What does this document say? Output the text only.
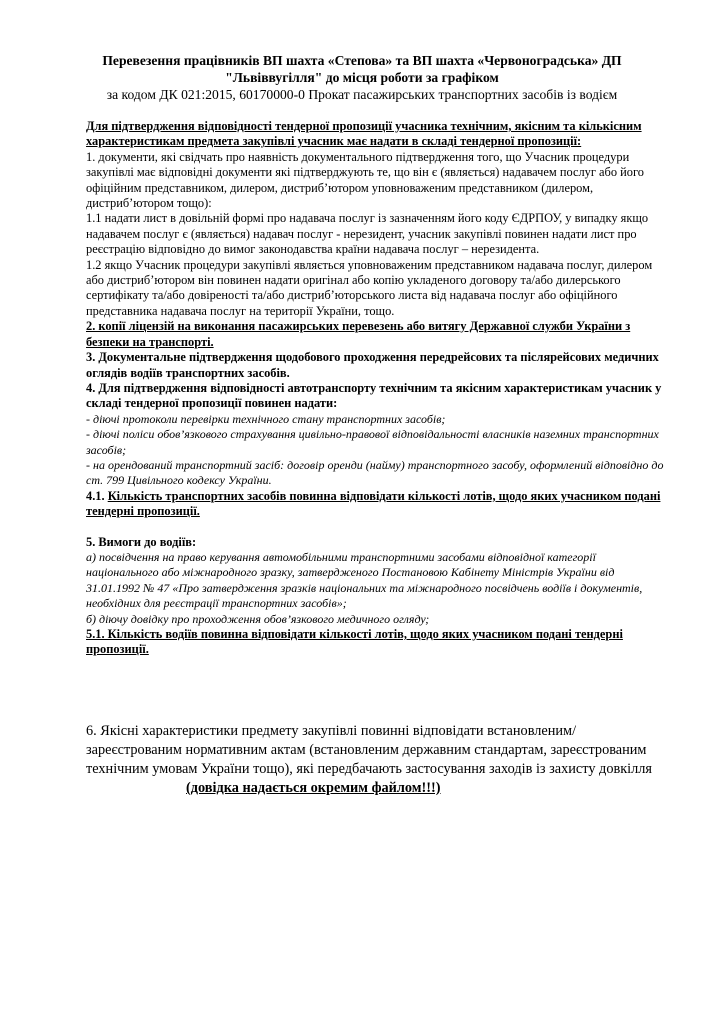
Перевезення працівників ВП шахта «Степова» та ВП шахта «Червоноградська» ДП
"Львіввугілля" до місця роботи за графіком
за кодом ДК 021:2015, 60170000-0 Прокат пасажирських транспортних засобів із водієм

Для підтвердження відповідності тендерної пропозиції учасника технічним, якісним та кількісним характеристикам предмета закупівлі учасник має надати в складі тендерної пропозиції:

1. документи, які свідчать про наявність документального підтвердження того, що Учасник процедури закупівлі має відповідні документи які підтверджують те, що він є (являється) надавачем послуг або його офіційним представником, дилером, дистриб’ютором уповноваженим представником (дилером, дистриб’ютором тощо):

1.1 надати лист в довільній формі про надавача послуг із зазначенням його коду ЄДРПОУ, у випадку якщо надавачем послуг є (являється) надавач послуг - нерезидент, учасник закупівлі повинен надати лист про реєстрацію відповідно до вимог законодавства країни надавача послуг – нерезидента.

1.2 якщо Учасник процедури закупівлі являється уповноваженим представником надавача послуг, дилером або дистриб’ютором він повинен надати оригінал або копію укладеного договору та/або дилерського сертифікату та/або довіреності та/або дистриб’юторського листа від надавача послуг або офіційного представника надавача послуг на території України, тощо.

2. копії ліцензій на виконання пасажирських перевезень або витягу Державної служби України з безпеки на транспорті.

3. Документальне підтвердження щодобового проходження передрейсових та післярейсових медичних оглядів водіїв транспортних засобів.

4. Для підтвердження відповідності автотранспорту технічним та якісним характеристикам учасник у складі тендерної пропозиції повинен надати:

- діючі протоколи перевірки технічного стану транспортних засобів;

- діючі поліси обов’язкового страхування цивільно-правової відповідальності власників наземних транспортних засобів;

- на орендований транспортний засіб: договір оренди (найму) транспортного засобу, оформлений відповідно до ст. 799 Цивільного кодексу України.

4.1. Кількість транспортних засобів повинна відповідати кількості лотів, щодо яких учасником подані тендерні пропозиції.

5. Вимоги до водіїв:

а) посвідчення на право керування автомобільними транспортними засобами відповідної категорії національного або міжнародного зразку, затвердженого Постановою Кабінету Міністрів України від 31.01.1992 № 47 «Про затвердження зразків національних та міжнародного посвідчень водіїв і документів, необхідних для реєстрації транспортних засобів»;

б) діючу довідку про проходження обов’язкового медичного огляду;

5.1. Кількість водіїв повинна відповідати кількості лотів, щодо яких учасником подані тендерні пропозиції.

6. Якісні характеристики предмету закупівлі повинні відповідати встановленим/зареєстрованим нормативним актам (встановленим державним стандартам, зареєстрованим технічним умовам України тощо), які передбачають застосування заходів із захисту довкілля(довідка надається окремим файлом!!!)
